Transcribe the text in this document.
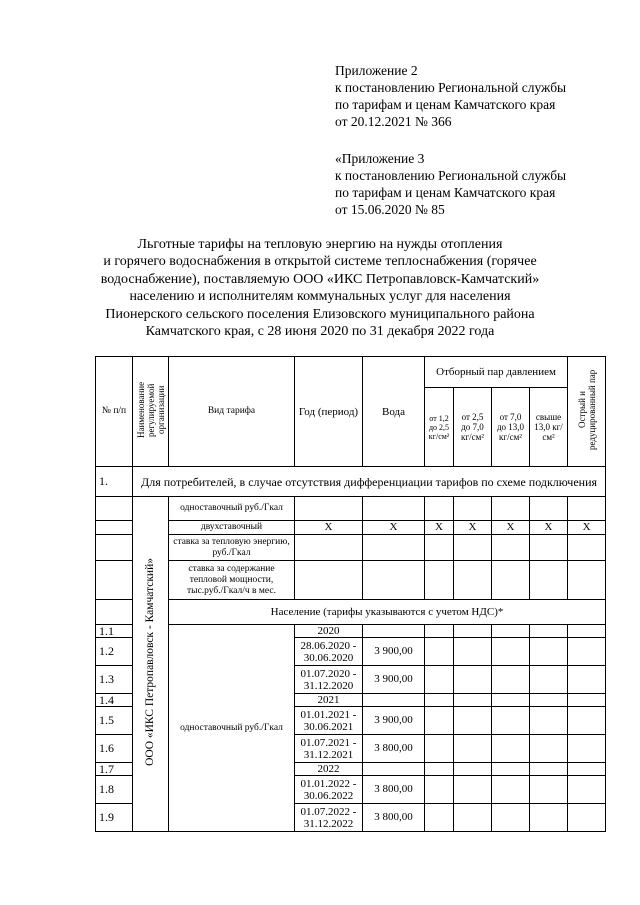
Приложение 2
к постановлению Региональной службы
по тарифам и ценам Камчатского края
от 20.12.2021 № 366
«Приложение 3
к постановлению Региональной службы
по тарифам и ценам Камчатского края
от 15.06.2020 № 85
Льготные тарифы на тепловую энергию на нужды отопления
и горячего водоснабжения в открытой системе теплоснабжения (горячее
водоснабжение), поставляемую ООО «ИКС Петропавловск-Камчатский»
населению и исполнителям коммунальных услуг для населения
Пионерского сельского поселения Елизовского муниципального района
Камчатского края, с 28 июня 2020 по 31 декабря 2022 года
№ п/п	Наименование регулируемой организации	Вид тарифа	Год (период)	Вода	Отборный пар давлением				Острый и редуцированный пар
					от 1,2 до 2,5 кг/см²	от 2,5 до 7,0 кг/см²	от 7,0 до 13,0 кг/см²	свыше 13,0 кг/см²	
1.	Для потребителей, в случае отсутствия дифференциации тарифов по схеме подключения								
	ООО «ИКС Петропавловск - Камчатский»	одноставочный руб./Гкал							
		двухставочный	Х	Х	Х	Х	Х	Х	Х
		ставка за тепловую энергию, руб./Гкал							
		ставка за содержание тепловой мощности, тыс.руб./Гкал/ч в мес.							
		Население (тарифы указываются с учетом НДС)*							
1.1		одноставочный руб./Гкал	2020						
1.2			28.06.2020 - 30.06.2020	3 900,00					
1.3			01.07.2020 - 31.12.2020	3 900,00					
1.4			2021						
1.5			01.01.2021 - 30.06.2021	3 900,00					
1.6			01.07.2021 - 31.12.2021	3 800,00					
1.7			2022						
1.8			01.01.2022 - 30.06.2022	3 800,00					
1.9			01.07.2022 - 31.12.2022	3 800,00					
